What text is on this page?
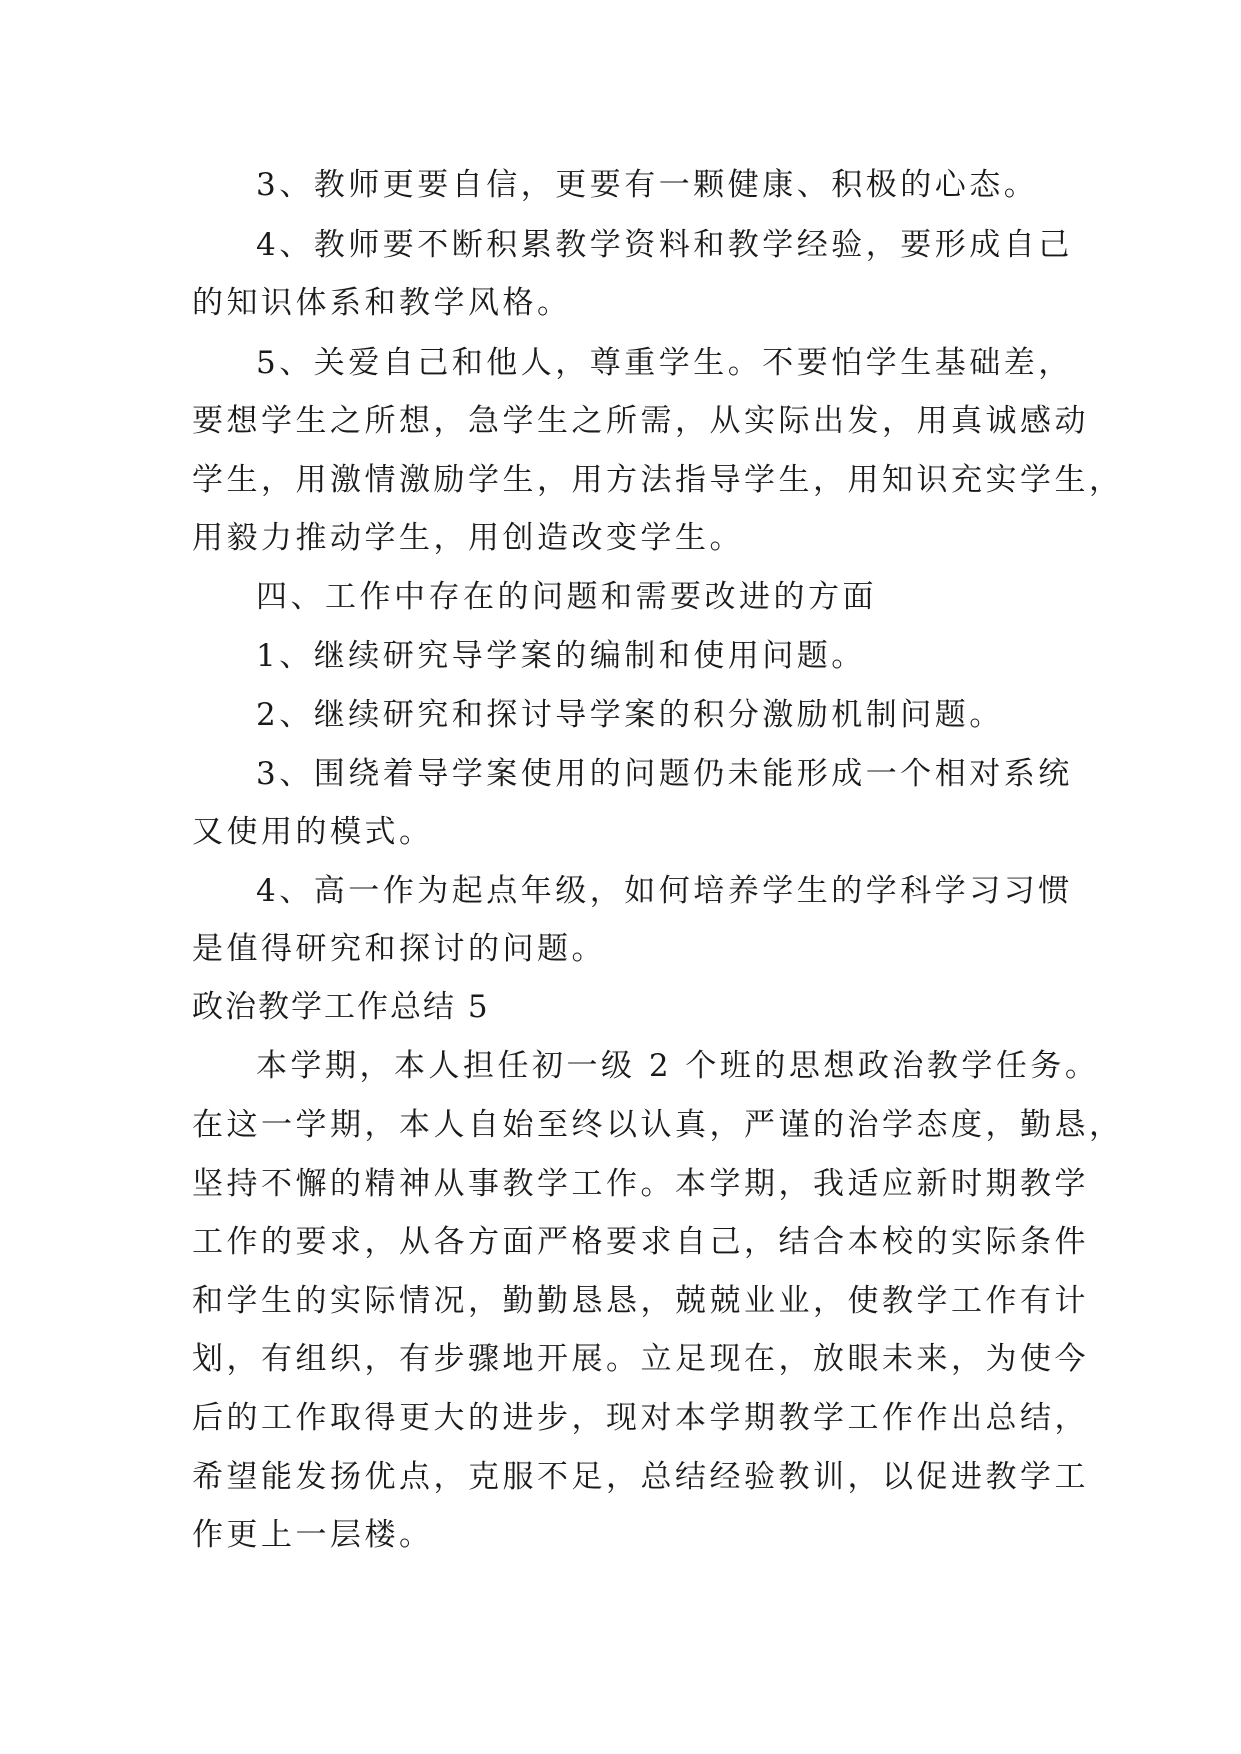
3、教师更要自信，更要有一颗健康、积极的心态。
4、教师要不断积累教学资料和教学经验，要形成自己
的知识体系和教学风格。
5、关爱自己和他人，尊重学生。不要怕学生基础差，
要想学生之所想，急学生之所需，从实际出发，用真诚感动
学生，用激情激励学生，用方法指导学生，用知识充实学生，
用毅力推动学生，用创造改变学生。
四、工作中存在的问题和需要改进的方面
1、继续研究导学案的编制和使用问题。
2、继续研究和探讨导学案的积分激励机制问题。
3、围绕着导学案使用的问题仍未能形成一个相对系统
又使用的模式。
4、高一作为起点年级，如何培养学生的学科学习习惯
是值得研究和探讨的问题。
政治教学工作总结 5
本学期，本人担任初一级 2 个班的思想政治教学任务。
在这一学期，本人自始至终以认真，严谨的治学态度，勤恳，
坚持不懈的精神从事教学工作。本学期，我适应新时期教学
工作的要求，从各方面严格要求自己，结合本校的实际条件
和学生的实际情况，勤勤恳恳，兢兢业业，使教学工作有计
划，有组织，有步骤地开展。立足现在，放眼未来，为使今
后的工作取得更大的进步，现对本学期教学工作作出总结，
希望能发扬优点，克服不足，总结经验教训，以促进教学工
作更上一层楼。
